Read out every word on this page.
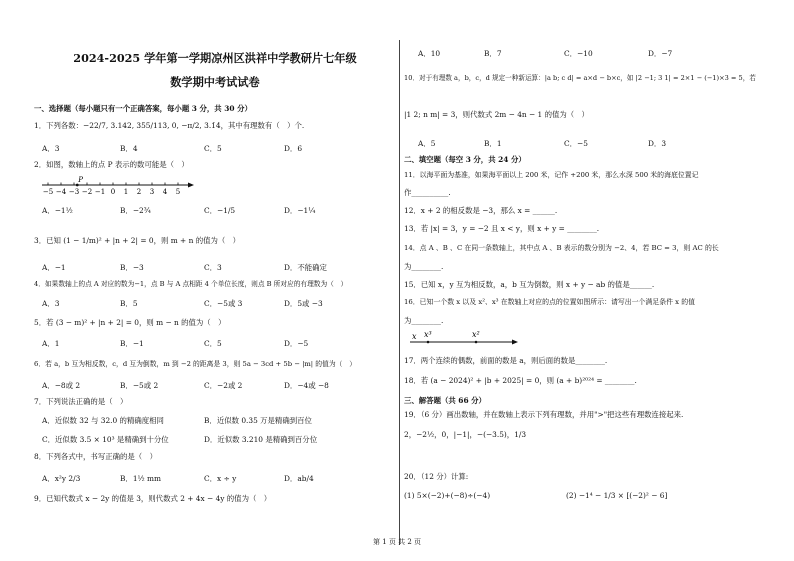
2024-2025 学年第一学期凉州区洪祥中学教研片七年级
数学期中考试试卷
一、选择题（每小题只有一个正确答案，每小题 3 分，共 30 分）
1．下列各数：−22/7, 3.142, 355/113, 0, −π/2, 3.1̇4̇，其中有理数有（　）个.
A．3	B．4	C．5	D．6
2．如图，数轴上的点 P 表示的数可能是（　）
−5 −4 −3 −2 −1 0 1 2 3 4 5
P
A．−1½	B．−2¾	C．−1/5	D．−1¼
3．已知 (1 − 1/m)² + |n + 2| = 0，则 m + n 的值为（　）
A．−1	B．−3	C．3	D．不能确定
4．如果数轴上的点 A 对应的数为−1，点 B 与 A 点相距 4 个单位长度，则点 B 所对应的有理数为（　）
A．3	B．5	C．−5或 3	D．5或 −3
5．若 (3 − m)² + |n + 2| = 0，则 m − n 的值为（　）
A．1	B．−1	C．5	D．−5
6．若 a，b 互为相反数，c，d 互为倒数，m 到 −2 的距离是 3，则 5a − 3cd + 5b − |m| 的值为（　）
A．−8或 2	B．−5或 2	C．−2或 2	D．−4或 −8
7．下列说法正确的是（　）
A．近似数 32 与 32.0 的精确度相同	B．近似数 0.35 万是精确到百位
C．近似数 3.5 × 10³ 是精确到十分位	D．近似数 3.210 是精确到百分位
8．下列各式中，书写正确的是（　）
A．x²y 2/3	B．1½ mm	C．x ÷ y	D．ab/4
9．已知代数式 x − 2y 的值是 3，则代数式 2 + 4x − 4y 的值为（　）
A．10	B．7	C．−10	D．−7
10．对于有理数 a，b，c，d 规定一种新运算：|a b; c d| = a×d − b×c，如 |2 −1; 3 1| = 2×1 − (−1)×3 = 5，若
|1 2; n m| = 3，则代数式 2m − 4n − 1 的值为（　）
A．5	B．1	C．−5	D．3
二、填空题（每空 3 分，共 24 分）
11．以海平面为基准，如果海平面以上 200 米，记作 +200 米，那么水深 500 米的海底位置记
作__________.
12．x + 2 的相反数是 −3，那么 x = ______.
13．若 |x| = 3，y = −2 且 x < y，则 x + y = ________.
14．点 A 、B 、C 在同一条数轴上，其中点 A 、B 表示的数分别为 −2、4，若 BC = 3，则 AC 的长
为________.
15．已知 x，y 互为相反数，a，b 互为倒数，则 x + y − ab 的值是______.
16．已知一个数 x 以及 x²、x³ 在数轴上对应的点的位置如图所示：请写出一个满足条件 x 的值
为________.
x x³	x²
17．两个连续的偶数，前面的数是 a，则后面的数是________.
18．若 (a − 2024)² + |b + 2025| = 0，则 (a + b)²⁰²⁴ = ________.
三、解答题（共 66 分）
19．（6 分）画出数轴，并在数轴上表示下列有理数，并用">"把这些有理数连接起来.
2，−2½，0，|−1|，−(−3.5)，1/3
20．（12 分）计算:
(1) 5×(−2)+(−8)÷(−4)	(2) −1⁴ − 1/3 × [(−2)² − 6]
第 1 页 共 2 页
